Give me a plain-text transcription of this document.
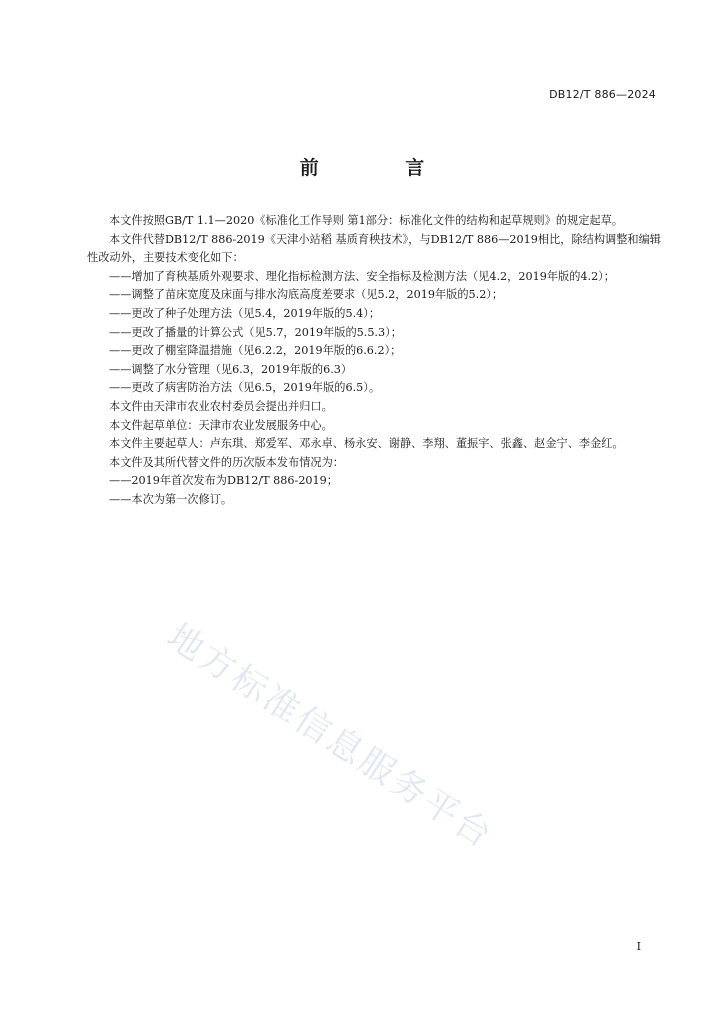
DB12/T 886—2024
前 言

本文件按照GB/T 1.1—2020《标准化工作导则 第1部分：标准化文件的结构和起草规则》的规定起草。

本文件代替DB12/T 886-2019《天津小站稻 基质育秧技术》，与DB12/T 886—2019相比，除结构调整和编辑性改动外，主要技术变化如下：

——增加了育秧基质外观要求、理化指标检测方法、安全指标及检测方法（见4.2，2019年版的4.2）；

——调整了苗床宽度及床面与排水沟底高度差要求（见5.2，2019年版的5.2）；

——更改了种子处理方法（见5.4，2019年版的5.4）；

——更改了播量的计算公式（见5.7，2019年版的5.5.3）；

——更改了棚室降温措施（见6.2.2，2019年版的6.6.2）；

——调整了水分管理（见6.3，2019年版的6.3）

——更改了病害防治方法（见6.5，2019年版的6.5）。

本文件由天津市农业农村委员会提出并归口。

本文件起草单位：天津市农业发展服务中心。

本文件主要起草人：卢东琪、郑爱军、邓永卓、杨永安、谢静、李翔、董振宇、张鑫、赵金宁、李金红。

本文件及其所代替文件的历次版本发布情况为：

——2019年首次发布为DB12/T 886-2019；

——本次为第一次修订。

地方标准信息服务平台
I
